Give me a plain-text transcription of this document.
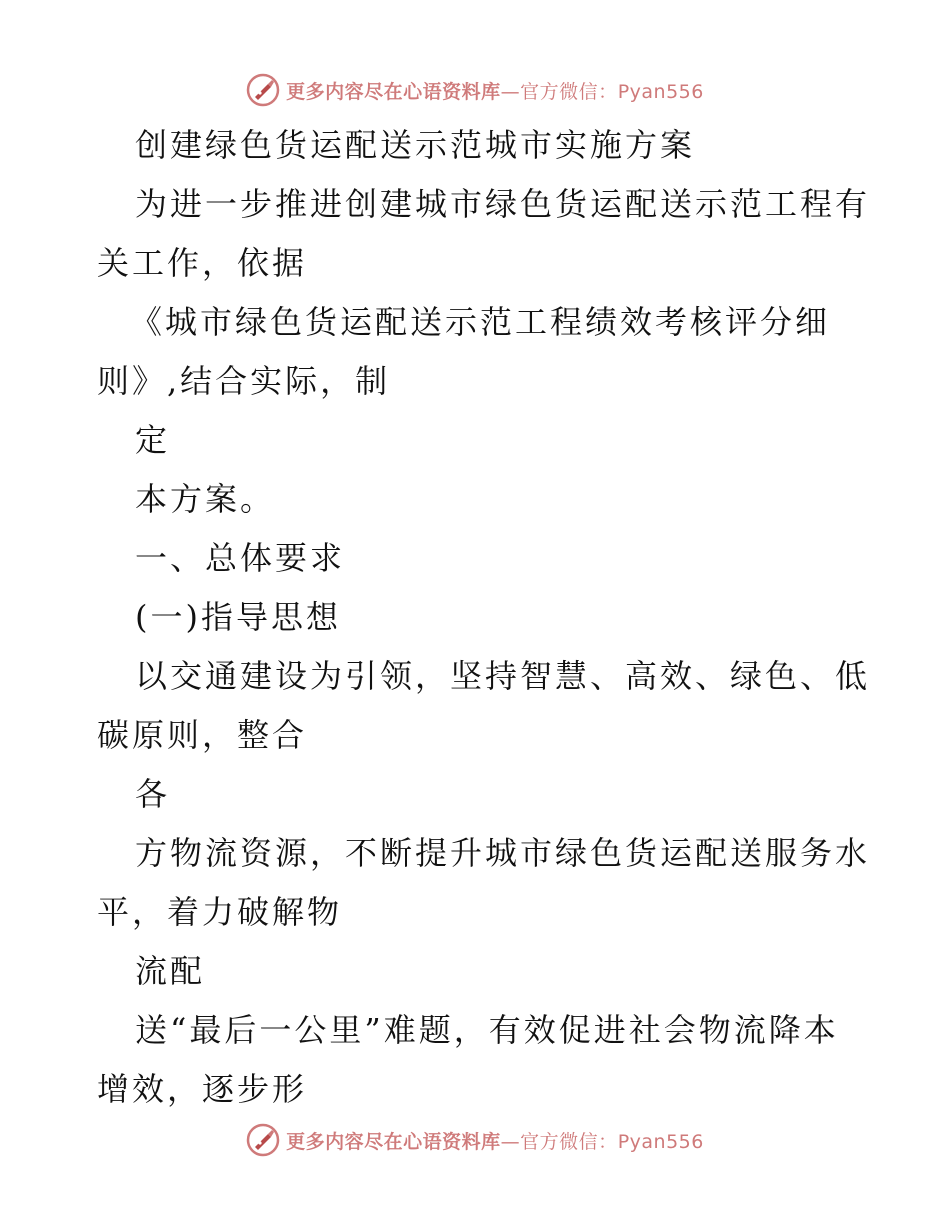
更多内容尽在心语资料库—官方微信：Pyan556
创建绿色货运配送示范城市实施方案
为进一步推进创建城市绿色货运配送示范工程有
关工作，依据
《城市绿色货运配送示范工程绩效考核评分细
则》,结合实际，制
定
本方案。
一、总体要求
(一)指导思想
以交通建设为引领，坚持智慧、高效、绿色、低
碳原则，整合
各
方物流资源，不断提升城市绿色货运配送服务水
平，着力破解物
流配
送“最后一公里”难题，有效促进社会物流降本
增效，逐步形
更多内容尽在心语资料库—官方微信：Pyan556
